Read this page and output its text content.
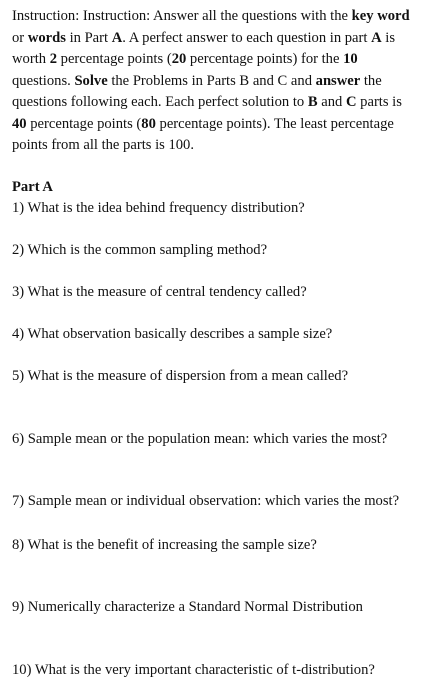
Instruction: Instruction: Answer all the questions with the key word or words in Part A. A perfect answer to each question in part A is worth 2 percentage points (20 percentage points) for the 10 questions. Solve the Problems in Parts B and C and answer the questions following each. Each perfect solution to B and C parts is 40 percentage points (80 percentage points). The least percentage points from all the parts is 100.
Part A
1) What is the idea behind frequency distribution?
2) Which is the common sampling method?
3) What is the measure of central tendency called?
4) What observation basically describes a sample size?
5) What is the measure of dispersion from a mean called?
6) Sample mean or the population mean: which varies the most?
7) Sample mean or individual observation: which varies the most?
8) What is the benefit of increasing the sample size?
9) Numerically characterize a Standard Normal Distribution
10) What is the very important characteristic of t-distribution?
